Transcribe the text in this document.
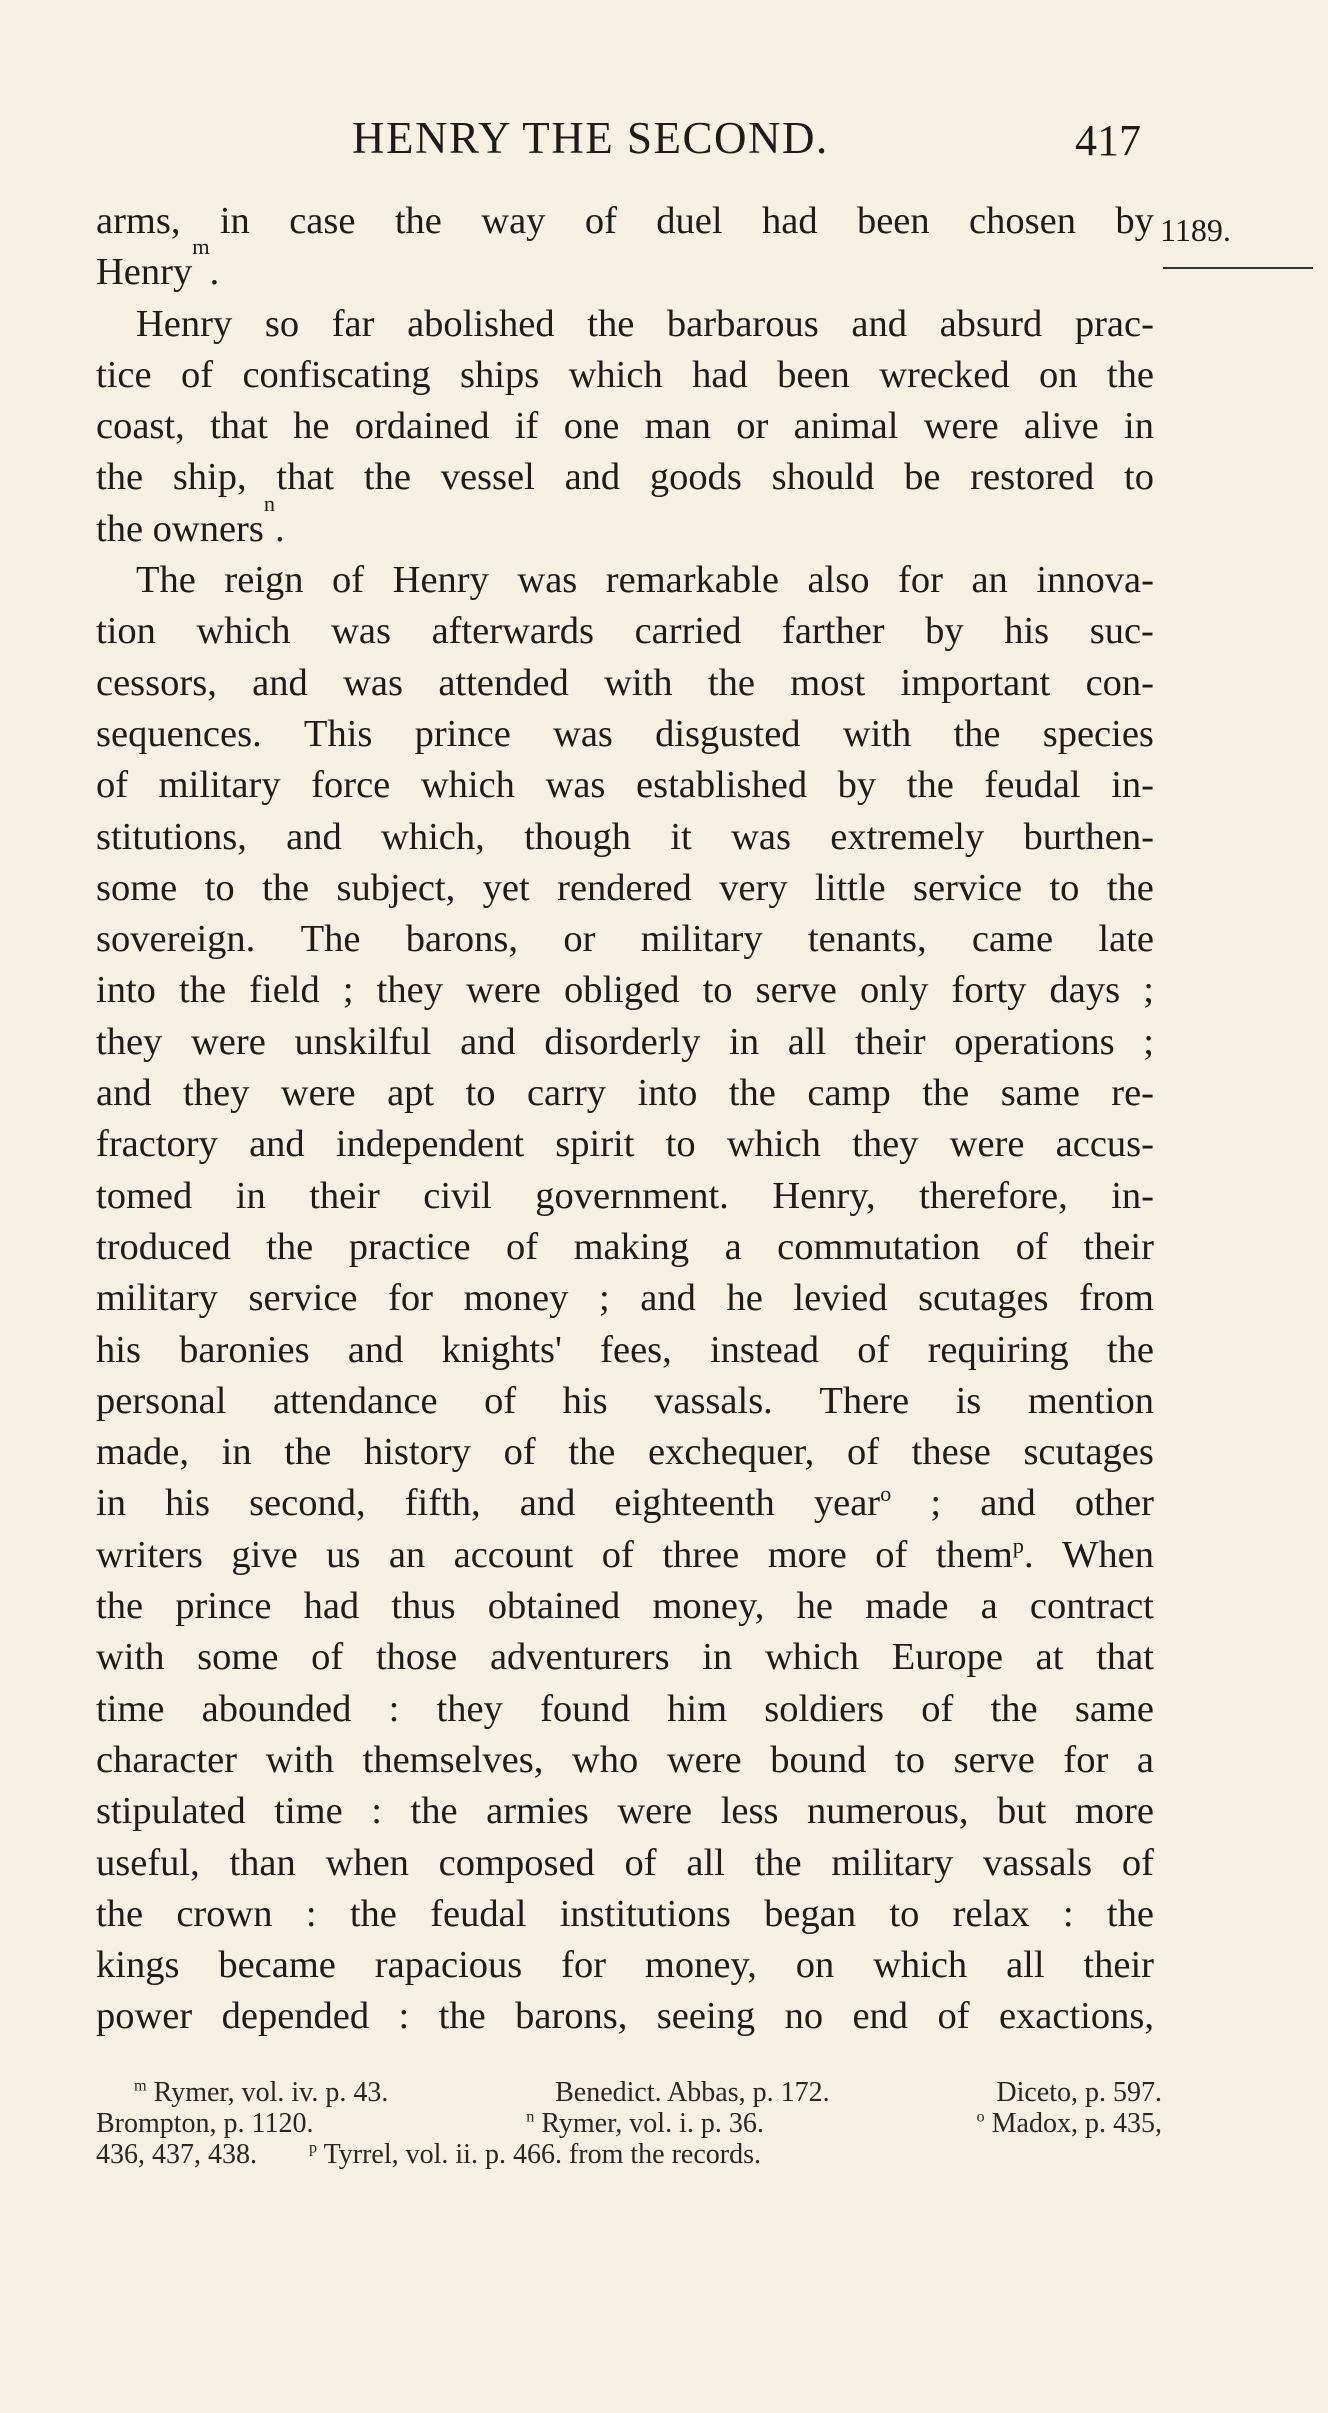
HENRY THE SECOND.	417
1189.
arms, in case the way of duel had been chosen by
Henry
m
.
Henry so far abolished the barbarous and absurd prac-
tice of confiscating ships which had been wrecked on the
coast, that he ordained if one man or animal were alive in
the ship, that the vessel and goods should be restored to
the owners
n
.
The reign of Henry was remarkable also for an innova-
tion which was afterwards carried farther by his suc-
cessors, and was attended with the most important con-
sequences. This prince was disgusted with the species
of military force which was established by the feudal in-
stitutions, and which, though it was extremely burthen-
some to the subject, yet rendered very little service to the
sovereign. The barons, or military tenants, came late
into the field ; they were obliged to serve only forty days ;
they were unskilful and disorderly in all their operations ;
and they were apt to carry into the camp the same re-
fractory and independent spirit to which they were accus-
tomed in their civil government. Henry, therefore, in-
troduced the practice of making a commutation of their
military service for money ; and he levied scutages from
his baronies and knights' fees, instead of requiring the
personal attendance of his vassals. There is mention
made, in the history of the exchequer, of these scutages
in his second, fifth, and eighteenth year$^o$ ; and other
writers give us an account of three more of them$^p$. When
the prince had thus obtained money, he made a contract
with some of those adventurers in which Europe at that
time abounded : they found him soldiers of the same
character with themselves, who were bound to serve for a
stipulated time : the armies were less numerous, but more
useful, than when composed of all the military vassals of
the crown : the feudal institutions began to relax : the
kings became rapacious for money, on which all their
power depended : the barons, seeing no end of exactions,
$^m$ Rymer, vol. iv. p. 43.	Benedict. Abbas, p. 172.	Diceto, p. 597.
Brompton, p. 1120.	$^n$ Rymer, vol. i. p. 36.	$^o$ Madox, p. 435,
436, 437, 438.	$^p$ Tyrrel, vol. ii. p. 466. from the records.
